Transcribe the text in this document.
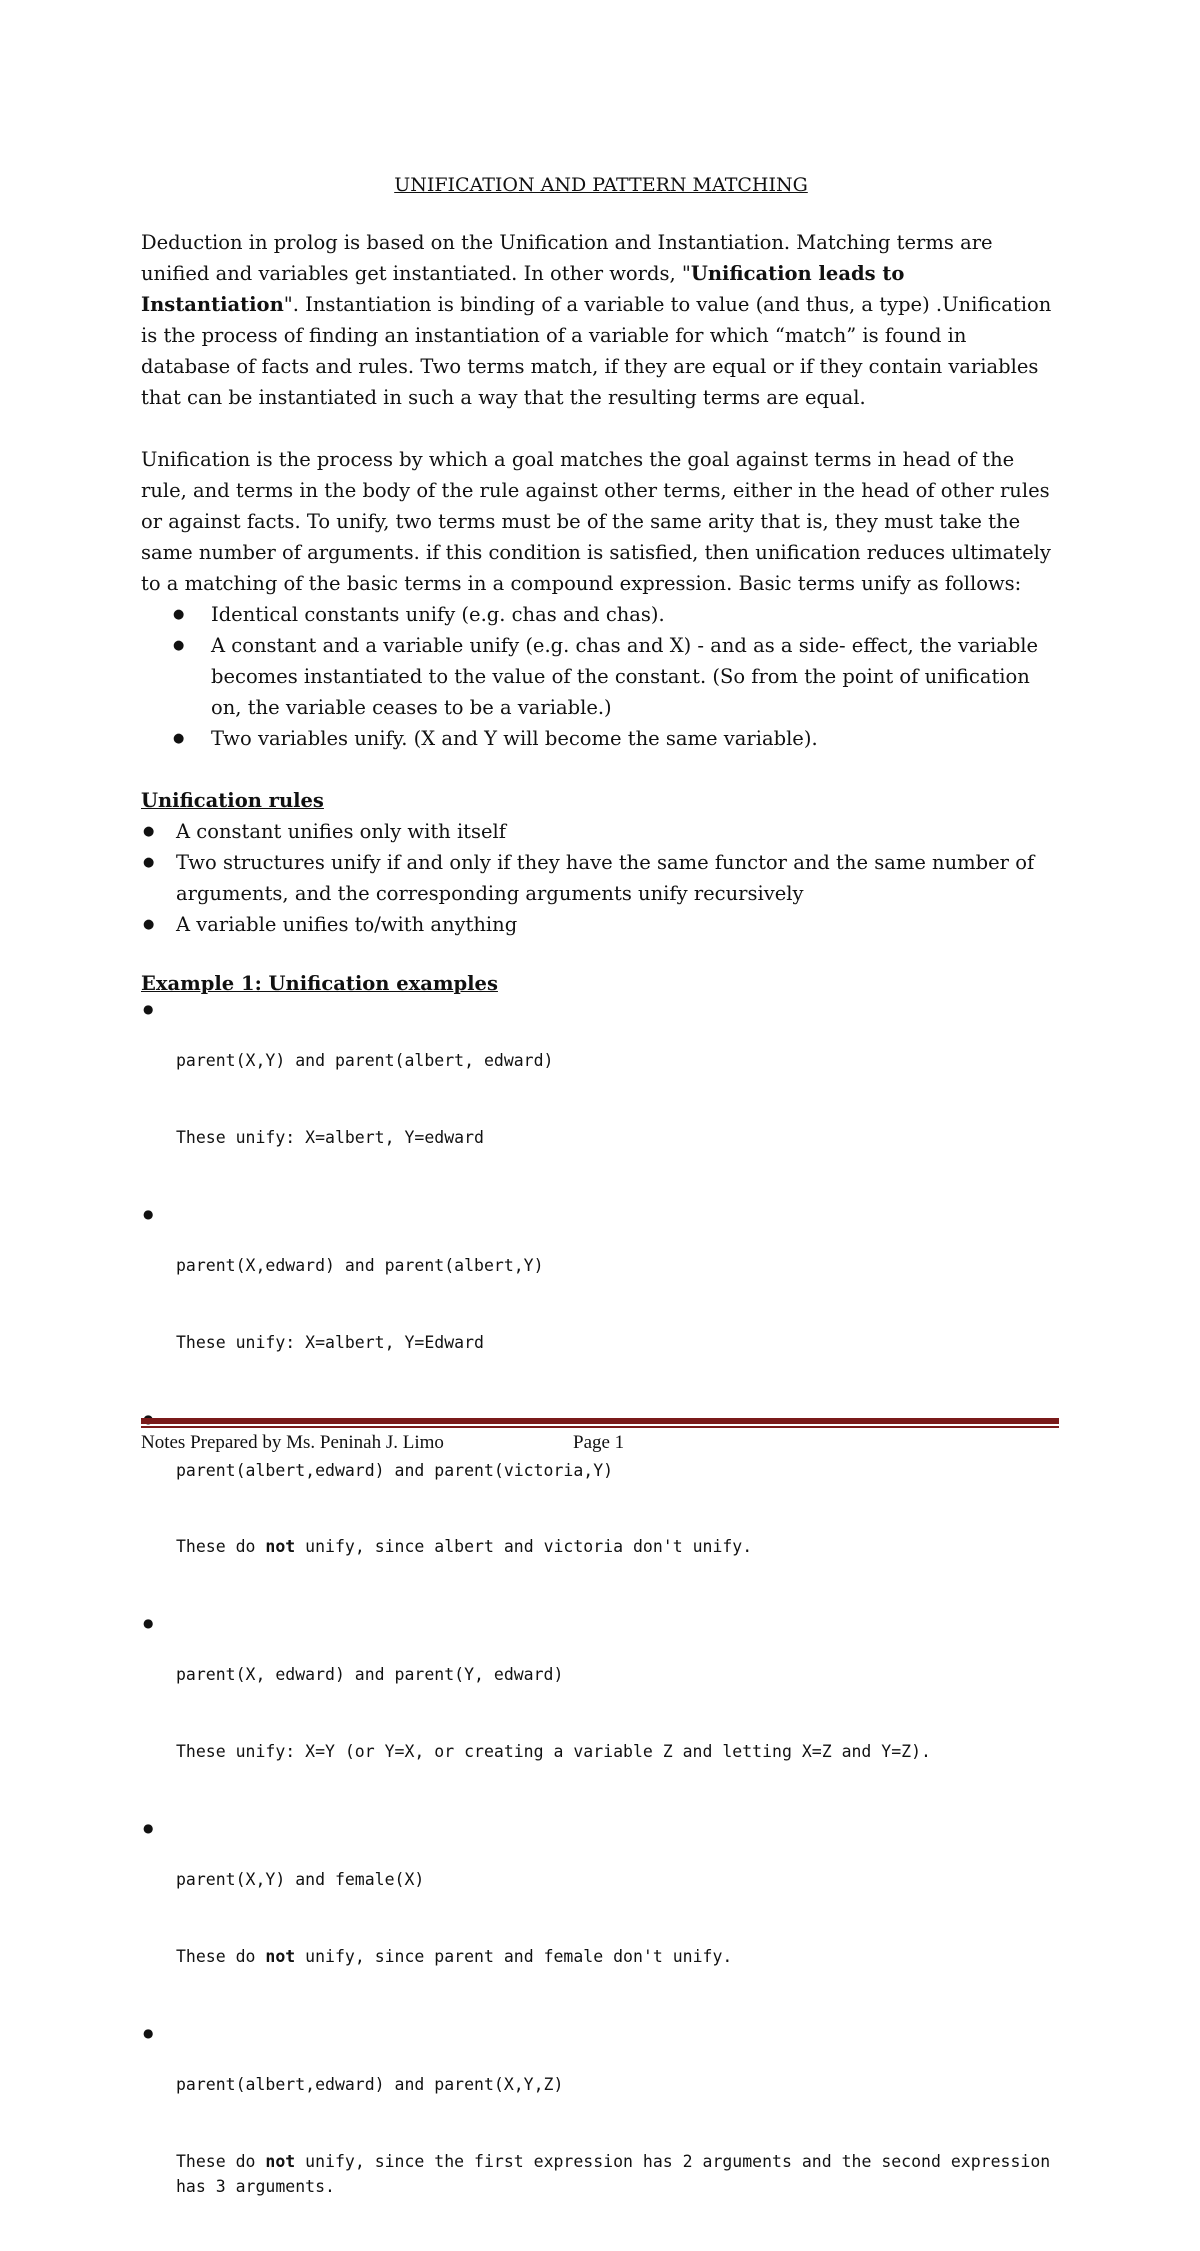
UNIFICATION AND PATTERN MATCHING

Deduction in prolog is based on the Unification and Instantiation. Matching terms are unified and variables get instantiated. In other words, "Unification leads to Instantiation". Instantiation is binding of a variable to value (and thus, a type) .Unification is the process of finding an instantiation of a variable for which “match” is found in database of facts and rules. Two terms match, if they are equal or if they contain variables that can be instantiated in such a way that the resulting terms are equal.

Unification is the process by which a goal matches the goal against terms in head of the rule, and terms in the body of the rule against other terms, either in the head of other rules or against facts. To unify, two terms must be of the same arity that is, they must take the same number of arguments. if this condition is satisfied, then unification reduces ultimately to a matching of the basic terms in a compound expression. Basic terms unify as follows:

● Identical constants unify (e.g. chas and chas).
● A constant and a variable unify (e.g. chas and X) - and as a side- effect, the variable becomes instantiated to the value of the constant. (So from the point of unification on, the variable ceases to be a variable.)
● Two variables unify. (X and Y will become the same variable).
Unification rules
● A constant unifies only with itself
● Two structures unify if and only if they have the same functor and the same number of arguments, and the corresponding arguments unify recursively
● A variable unifies to/with anything
Example 1: Unification examples

● parent(X,Y) and parent(albert, edward)

These unify: X=albert, Y=edward

● parent(X,edward) and parent(albert,Y)

These unify: X=albert, Y=Edward

● parent(albert,edward) and parent(victoria,Y)

These do not unify, since albert and victoria don't unify.

● parent(X, edward) and parent(Y, edward)

These unify: X=Y (or Y=X, or creating a variable Z and letting X=Z and Y=Z).

● parent(X,Y) and female(X)

These do not unify, since parent and female don't unify.

● parent(albert,edward) and parent(X,Y,Z)

These do not unify, since the first expression has 2 arguments and the second expression has 3 arguments.

Notes Prepared by Ms. Peninah J. Limo	Page 1
